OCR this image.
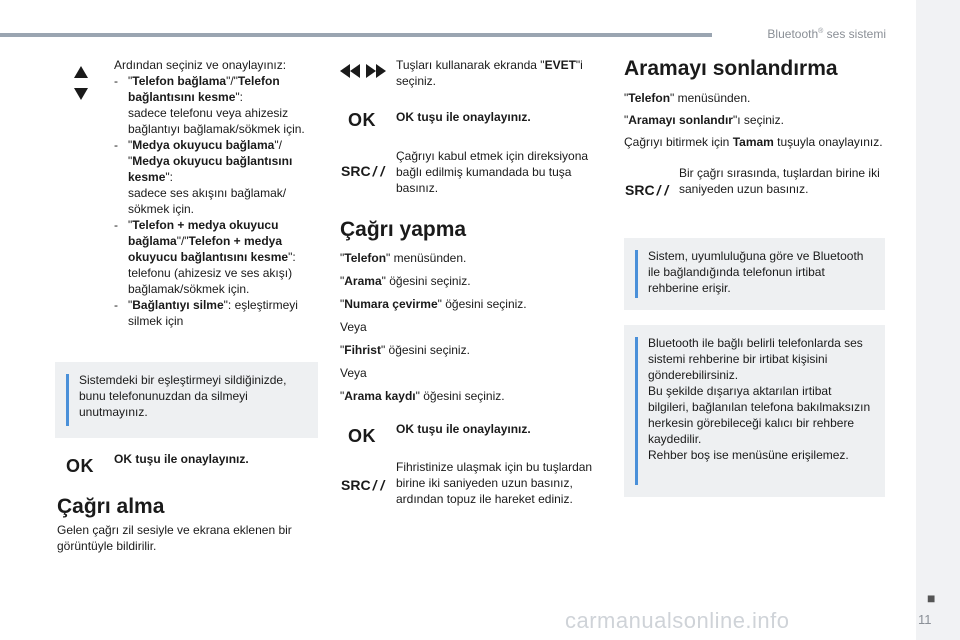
Bluetooth® ses sistemi
Ardından seçiniz ve onaylayınız:
- "Telefon bağlama"/"Telefon bağlantısını kesme":
sadece telefonu veya ahizesiz bağlantıyı bağlamak/sökmek için.
- "Medya okuyucu bağlama"/ "Medya okuyucu bağlantısını kesme":
sadece ses akışını bağlamak/ sökmek için.
- "Telefon + medya okuyucu bağlama"/"Telefon + medya okuyucu bağlantısını kesme":
telefonu (ahizesiz ve ses akışı) bağlamak/sökmek için.
- "Bağlantıyı silme": eşleştirmeyi silmek için
Sistemdeki bir eşleştirmeyi sildiğinizde, bunu telefonunuzdan da silmeyi unutmayınız.
OK OK tuşu ile onaylayınız.
Çağrı alma
Gelen çağrı zil sesiyle ve ekrana eklenen bir görüntüyle bildirilir.
Tuşları kullanarak ekranda "EVET"i seçiniz.
OK OK tuşu ile onaylayınız.
SRC / /
Çağrıyı kabul etmek için direksiyona bağlı edilmiş kumandada bu tuşa basınız.
Çağrı yapma
"Telefon" menüsünden.
"Arama" öğesini seçiniz.
"Numara çevirme" öğesini seçiniz.
Veya
"Fihrist" öğesini seçiniz.
Veya
"Arama kaydı" öğesini seçiniz.
OK OK tuşu ile onaylayınız.
SRC / /
Fihristinize ulaşmak için bu tuşlardan birine iki saniyeden uzun basınız, ardından topuz ile hareket ediniz.
Aramayı sonlandırma
"Telefon" menüsünden.
"Aramayı sonlandır"ı seçiniz.
Çağrıyı bitirmek için Tamam tuşuyla onaylayınız.
SRC / /
Bir çağrı sırasında, tuşlardan birine iki saniyeden uzun basınız.
Sistem, uyumluluğuna göre ve Bluetooth ile bağlandığında telefonun irtibat rehberine erişir.
Bluetooth ile bağlı belirli telefonlarda ses sistemi rehberine bir irtibat kişisini gönderebilirsiniz.
Bu şekilde dışarıya aktarılan irtibat bilgileri, bağlanılan telefona bakılmaksızın herkesin görebileceği kalıcı bir rehbere kaydedilir.
Rehber boş ise menüsüne erişilemez.
■
11
carmanualsonline.info
